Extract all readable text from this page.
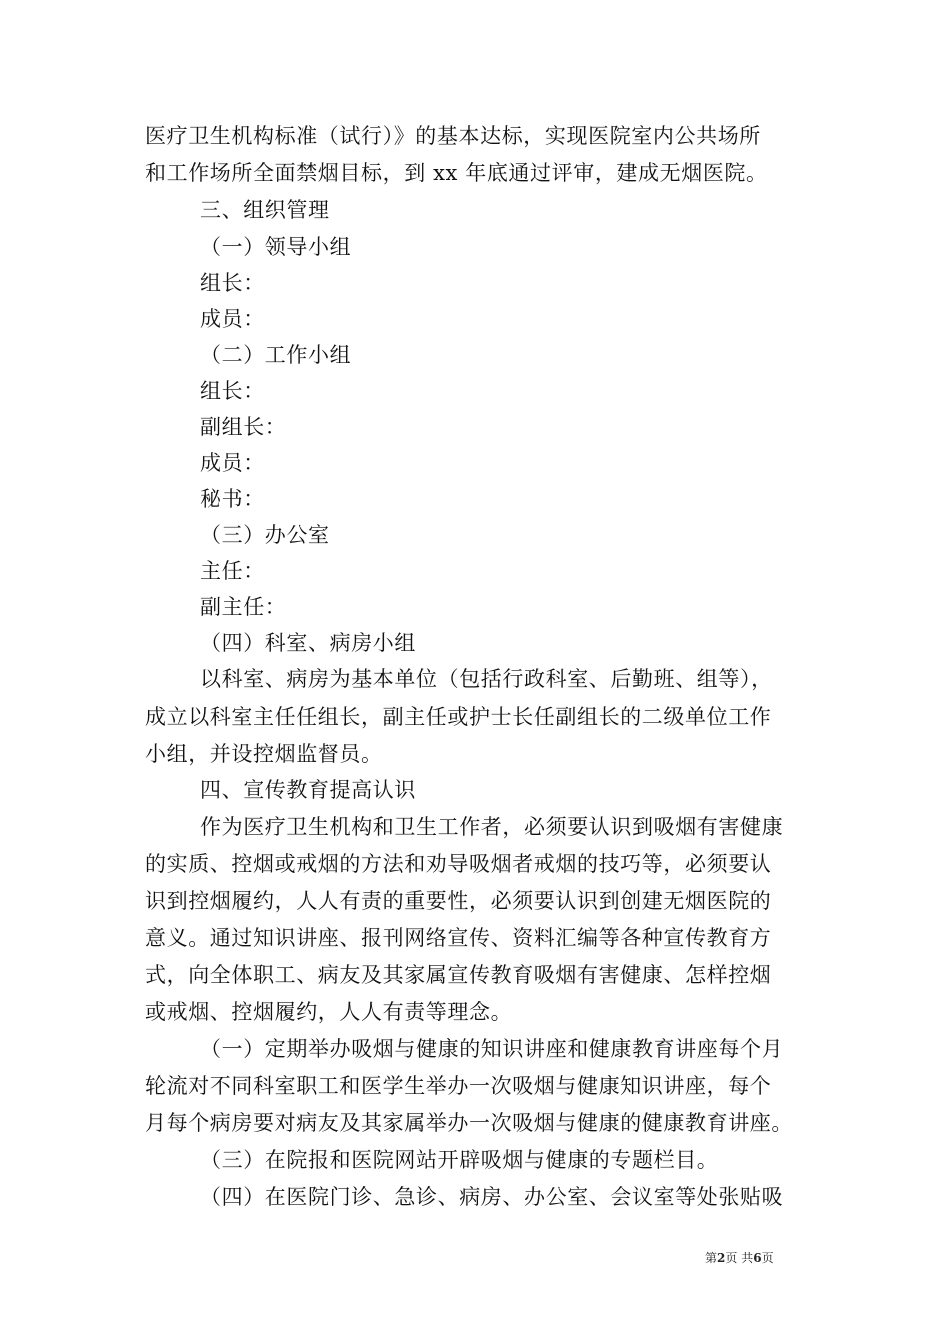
医疗卫生机构标准（试行）》的基本达标，实现医院室内公共场所
和工作场所全面禁烟目标，到 xx 年底通过评审，建成无烟医院。
三、组织管理
（一）领导小组
组长：
成员：
（二）工作小组
组长：
副组长：
成员：
秘书：
（三）办公室
主任：
副主任：
（四）科室、病房小组
以科室、病房为基本单位（包括行政科室、后勤班、组等），
成立以科室主任任组长，副主任或护士长任副组长的二级单位工作
小组，并设控烟监督员。
四、宣传教育提高认识
作为医疗卫生机构和卫生工作者，必须要认识到吸烟有害健康
的实质、控烟或戒烟的方法和劝导吸烟者戒烟的技巧等，必须要认
识到控烟履约，人人有责的重要性，必须要认识到创建无烟医院的
意义。通过知识讲座、报刊网络宣传、资料汇编等各种宣传教育方
式，向全体职工、病友及其家属宣传教育吸烟有害健康、怎样控烟
或戒烟、控烟履约，人人有责等理念。
（一）定期举办吸烟与健康的知识讲座和健康教育讲座每个月
轮流对不同科室职工和医学生举办一次吸烟与健康知识讲座，每个
月每个病房要对病友及其家属举办一次吸烟与健康的健康教育讲座。
（三）在院报和医院网站开辟吸烟与健康的专题栏目。
（四）在医院门诊、急诊、病房、办公室、会议室等处张贴吸
第2页 共6页
